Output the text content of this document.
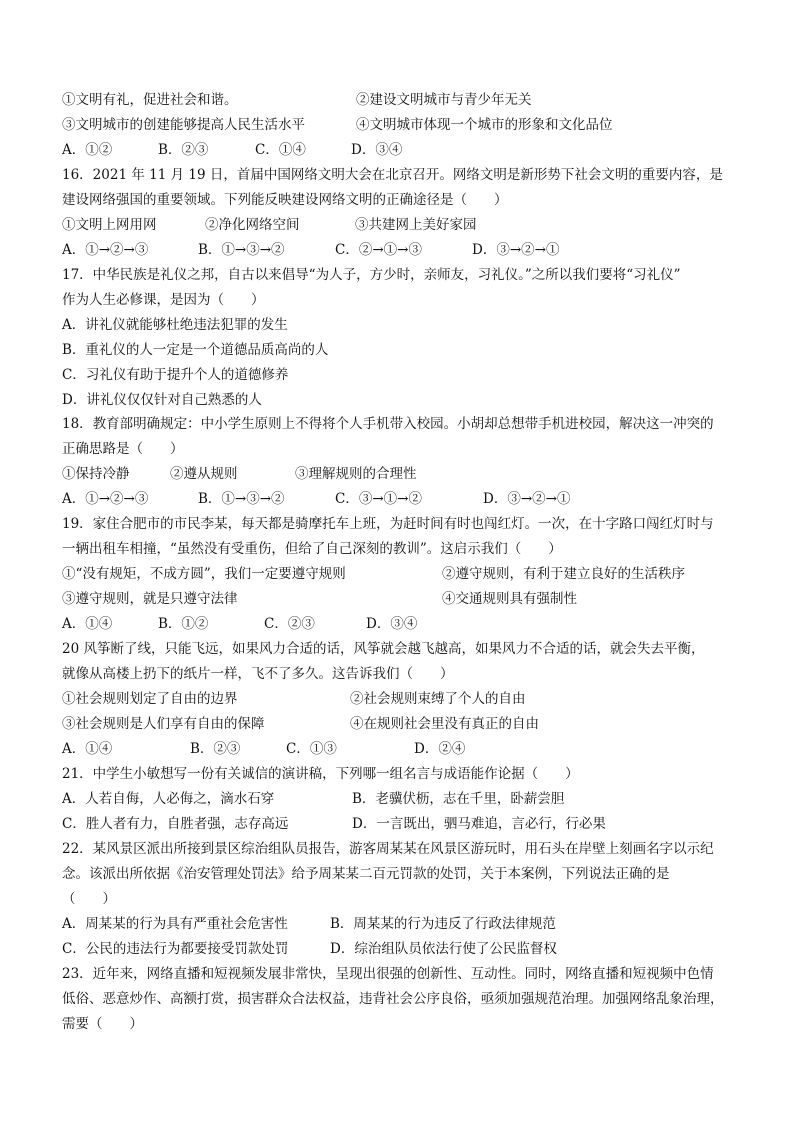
①文明有礼，促进社会和谐。	②建设文明城市与青少年无关
③文明城市的创建能够提高人民生活水平	④文明城市体现一个城市的形象和文化品位
A．①②	B．②③	C．①④	D．③④
16．2021 年 11 月 19 日，首届中国网络文明大会在北京召开。网络文明是新形势下社会文明的重要内容，是
建设网络强国的重要领域。下列能反映建设网络文明的正确途径是（　　）
①文明上网用网	②净化网络空间	③共建网上美好家园
A．①→②→③	B．①→③→②	C．②→①→③	D．③→②→①
17．中华民族是礼仪之邦，自古以来倡导“为人子，方少时，亲师友，习礼仪。”之所以我们要将“习礼仪”
作为人生必修课，是因为（　　）
A．讲礼仪就能够杜绝违法犯罪的发生
B．重礼仪的人一定是一个道德品质高尚的人
C．习礼仪有助于提升个人的道德修养
D．讲礼仪仅仅针对自己熟悉的人
18．教育部明确规定：中小学生原则上不得将个人手机带入校园。小胡却总想带手机进校园，解决这一冲突的
正确思路是（　　）
①保持冷静	②遵从规则	③理解规则的合理性
A．①→②→③	B．①→③→②	C．③→①→②	D．③→②→①
19．家住合肥市的市民李某，每天都是骑摩托车上班，为赶时间有时也闯红灯。一次，在十字路口闯红灯时与
一辆出租车相撞，“虽然没有受重伤，但给了自己深刻的教训”。这启示我们（　　）
①“没有规矩，不成方圆”，我们一定要遵守规则	②遵守规则，有利于建立良好的生活秩序
③遵守规则，就是只遵守法律	④交通规则具有强制性
A．①④	B．①②	C．②③	D．③④
20 风筝断了线，只能飞远，如果风力合适的话，风筝就会越飞越高，如果风力不合适的话，就会失去平衡，
就像从高楼上扔下的纸片一样，飞不了多久。这告诉我们（　　）
①社会规则划定了自由的边界	②社会规则束缚了个人的自由
③社会规则是人们享有自由的保障	④在规则社会里没有真正的自由
A．①④	B．②③	C．①③	D．②④
21．中学生小敏想写一份有关诚信的演讲稿，下列哪一组名言与成语能作论据（　　）
A．人若自侮，人必侮之，滴水石穿	B．老骥伏枥，志在千里，卧薪尝胆
C．胜人者有力，自胜者强，志存高远	D．一言既出，驷马难追，言必行，行必果
22．某风景区派出所接到景区综治组队员报告，游客周某某在风景区游玩时，用石头在岸壁上刻画名字以示纪
念。该派出所依据《治安管理处罚法》给予周某某二百元罚款的处罚，关于本案例，下列说法正确的是
（　　）
A．周某某的行为具有严重社会危害性	B．周某某的行为违反了行政法律规范
C．公民的违法行为都要接受罚款处罚	D．综治组队员依法行使了公民监督权
23．近年来，网络直播和短视频发展非常快，呈现出很强的创新性、互动性。同时，网络直播和短视频中色情
低俗、恶意炒作、高额打赏，损害群众合法权益，违背社会公序良俗，亟须加强规范治理。加强网络乱象治理，
需要（　　）
